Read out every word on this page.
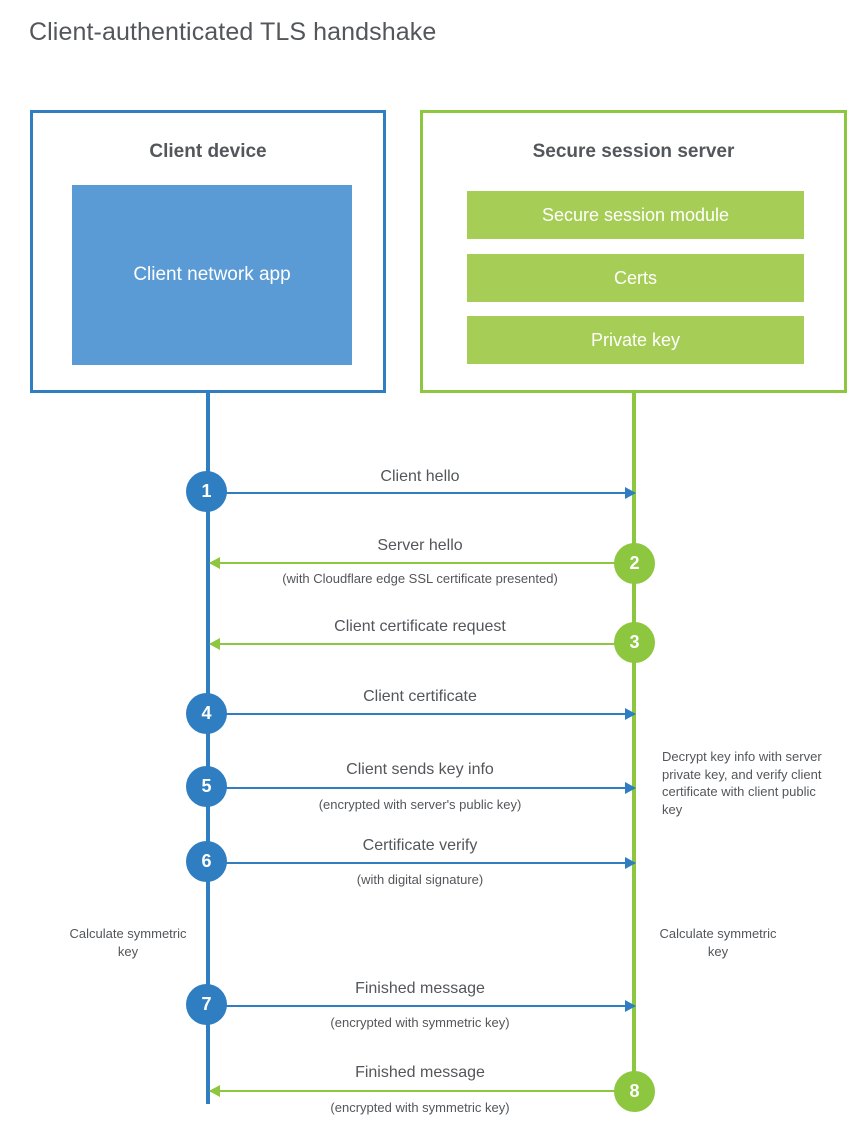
Client-authenticated TLS handshake
Client device
Client network app
Secure session server
Secure session module
Certs
Private key
1
Client hello
2
Server hello
(with Cloudflare edge SSL certificate presented)
3
Client certificate request
4
Client certificate
5
Client sends key info
(encrypted with server's public key)
Decrypt key info with server private key, and verify client certificate with client public key
6
Certificate verify
(with digital signature)
Calculate symmetric key
Calculate symmetric key
7
Finished message
(encrypted with symmetric key)
8
Finished message
(encrypted with symmetric key)
